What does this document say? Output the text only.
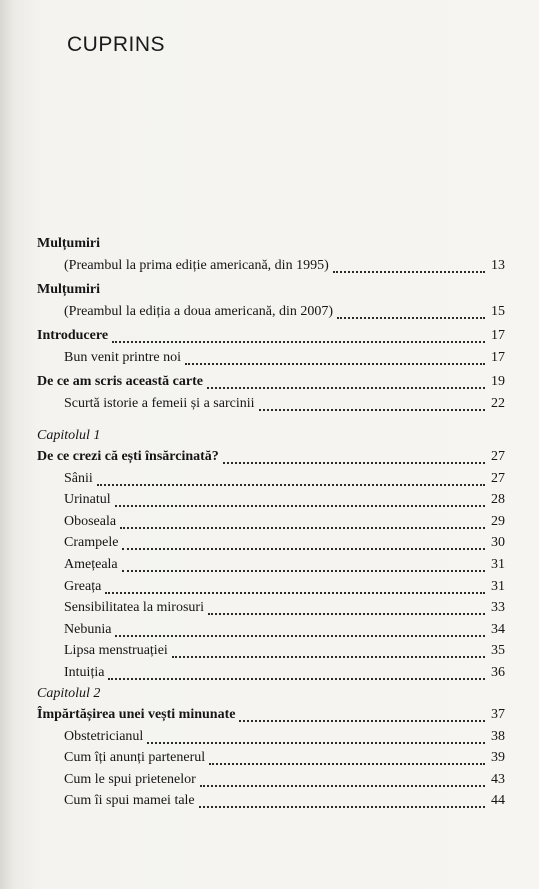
CUPRINS
Mulțumiri
(Preambul la prima ediție americană, din 1995)	13
Mulțumiri
(Preambul la ediția a doua americană, din 2007)	15
Introducere	17
Bun venit printre noi	17
De ce am scris această carte	19
Scurtă istorie a femeii și a sarcinii	22
Capitolul 1
De ce crezi că ești însărcinată?	27
Sânii	27
Urinatul	28
Oboseala	29
Crampele	30
Amețeala	31
Greața	31
Sensibilitatea la mirosuri	33
Nebunia	34
Lipsa menstruației	35
Intuiția	36
Capitolul 2
Împărtășirea unei vești minunate	37
Obstetricianul	38
Cum îți anunți partenerul	39
Cum le spui prietenelor	43
Cum îi spui mamei tale	44
